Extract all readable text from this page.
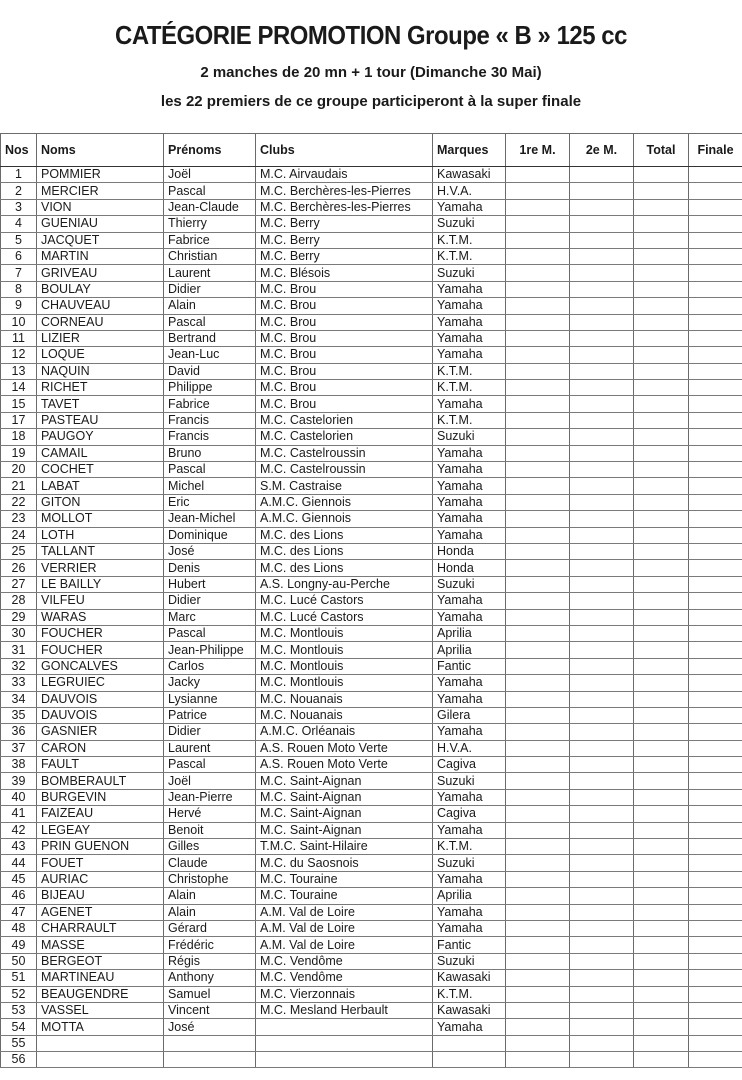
CATÉGORIE PROMOTION Groupe « B » 125 cc
2 manches de 20 mn + 1 tour (Dimanche 30 Mai)
les 22 premiers de ce groupe participeront à la super finale
Nos	Noms	Prénoms	Clubs	Marques	1re M.	2e M.	Total	Finale
1	POMMIER	Joël	M.C. Airvaudais	Kawasaki				
2	MERCIER	Pascal	M.C. Berchères-les-Pierres	H.V.A.				
3	VION	Jean-Claude	M.C. Berchères-les-Pierres	Yamaha				
4	GUENIAU	Thierry	M.C. Berry	Suzuki				
5	JACQUET	Fabrice	M.C. Berry	K.T.M.				
6	MARTIN	Christian	M.C. Berry	K.T.M.				
7	GRIVEAU	Laurent	M.C. Blésois	Suzuki				
8	BOULAY	Didier	M.C. Brou	Yamaha				
9	CHAUVEAU	Alain	M.C. Brou	Yamaha				
10	CORNEAU	Pascal	M.C. Brou	Yamaha				
11	LIZIER	Bertrand	M.C. Brou	Yamaha				
12	LOQUE	Jean-Luc	M.C. Brou	Yamaha				
13	NAQUIN	David	M.C. Brou	K.T.M.				
14	RICHET	Philippe	M.C. Brou	K.T.M.				
15	TAVET	Fabrice	M.C. Brou	Yamaha				
17	PASTEAU	Francis	M.C. Castelorien	K.T.M.				
18	PAUGOY	Francis	M.C. Castelorien	Suzuki				
19	CAMAIL	Bruno	M.C. Castelroussin	Yamaha				
20	COCHET	Pascal	M.C. Castelroussin	Yamaha				
21	LABAT	Michel	S.M. Castraise	Yamaha				
22	GITON	Eric	A.M.C. Giennois	Yamaha				
23	MOLLOT	Jean-Michel	A.M.C. Giennois	Yamaha				
24	LOTH	Dominique	M.C. des Lions	Yamaha				
25	TALLANT	José	M.C. des Lions	Honda				
26	VERRIER	Denis	M.C. des Lions	Honda				
27	LE BAILLY	Hubert	A.S. Longny-au-Perche	Suzuki				
28	VILFEU	Didier	M.C. Lucé Castors	Yamaha				
29	WARAS	Marc	M.C. Lucé Castors	Yamaha				
30	FOUCHER	Pascal	M.C. Montlouis	Aprilia				
31	FOUCHER	Jean-Philippe	M.C. Montlouis	Aprilia				
32	GONCALVES	Carlos	M.C. Montlouis	Fantic				
33	LEGRUIEC	Jacky	M.C. Montlouis	Yamaha				
34	DAUVOIS	Lysianne	M.C. Nouanais	Yamaha				
35	DAUVOIS	Patrice	M.C. Nouanais	Gilera				
36	GASNIER	Didier	A.M.C. Orléanais	Yamaha				
37	CARON	Laurent	A.S. Rouen Moto Verte	H.V.A.				
38	FAULT	Pascal	A.S. Rouen Moto Verte	Cagiva				
39	BOMBERAULT	Joël	M.C. Saint-Aignan	Suzuki				
40	BURGEVIN	Jean-Pierre	M.C. Saint-Aignan	Yamaha				
41	FAIZEAU	Hervé	M.C. Saint-Aignan	Cagiva				
42	LEGEAY	Benoit	M.C. Saint-Aignan	Yamaha				
43	PRIN GUENON	Gilles	T.M.C. Saint-Hilaire	K.T.M.				
44	FOUET	Claude	M.C. du Saosnois	Suzuki				
45	AURIAC	Christophe	M.C. Touraine	Yamaha				
46	BIJEAU	Alain	M.C. Touraine	Aprilia				
47	AGENET	Alain	A.M. Val de Loire	Yamaha				
48	CHARRAULT	Gérard	A.M. Val de Loire	Yamaha				
49	MASSE	Frédéric	A.M. Val de Loire	Fantic				
50	BERGEOT	Régis	M.C. Vendôme	Suzuki				
51	MARTINEAU	Anthony	M.C. Vendôme	Kawasaki				
52	BEAUGENDRE	Samuel	M.C. Vierzonnais	K.T.M.				
53	VASSEL	Vincent	M.C. Mesland Herbault	Kawasaki				
54	MOTTA	José		Yamaha				
55								
56								
